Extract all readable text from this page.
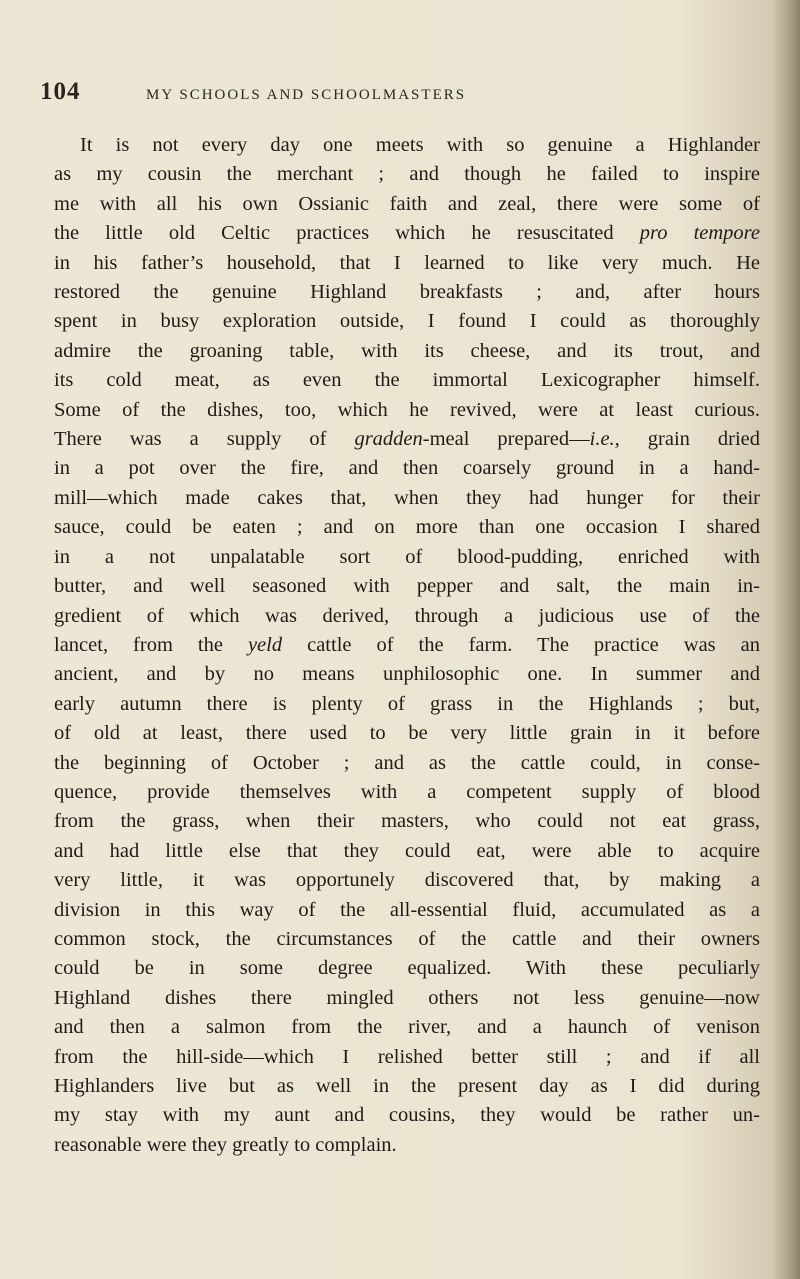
104	MY SCHOOLS AND SCHOOLMASTERS
It is not every day one meets with so genuine a Highlander
as my cousin the merchant ; and though he failed to inspire
me with all his own Ossianic faith and zeal, there were some of
the little old Celtic practices which he resuscitated pro tempore
in his father’s household, that I learned to like very much. He
restored the genuine Highland breakfasts ; and, after hours
spent in busy exploration outside, I found I could as thoroughly
admire the groaning table, with its cheese, and its trout, and
its cold meat, as even the immortal Lexicographer himself.
Some of the dishes, too, which he revived, were at least curious.
There was a supply of gradden-meal prepared—i.e., grain dried
in a pot over the fire, and then coarsely ground in a hand-
mill—which made cakes that, when they had hunger for their
sauce, could be eaten ; and on more than one occasion I shared
in a not unpalatable sort of blood-pudding, enriched with
butter, and well seasoned with pepper and salt, the main in-
gredient of which was derived, through a judicious use of the
lancet, from the yeld cattle of the farm. The practice was an
ancient, and by no means unphilosophic one. In summer and
early autumn there is plenty of grass in the Highlands ; but,
of old at least, there used to be very little grain in it before
the beginning of October ; and as the cattle could, in conse-
quence, provide themselves with a competent supply of blood
from the grass, when their masters, who could not eat grass,
and had little else that they could eat, were able to acquire
very little, it was opportunely discovered that, by making a
division in this way of the all-essential fluid, accumulated as a
common stock, the circumstances of the cattle and their owners
could be in some degree equalized. With these peculiarly
Highland dishes there mingled others not less genuine—now
and then a salmon from the river, and a haunch of venison
from the hill-side—which I relished better still ; and if all
Highlanders live but as well in the present day as I did during
my stay with my aunt and cousins, they would be rather un-
reasonable were they greatly to complain.
